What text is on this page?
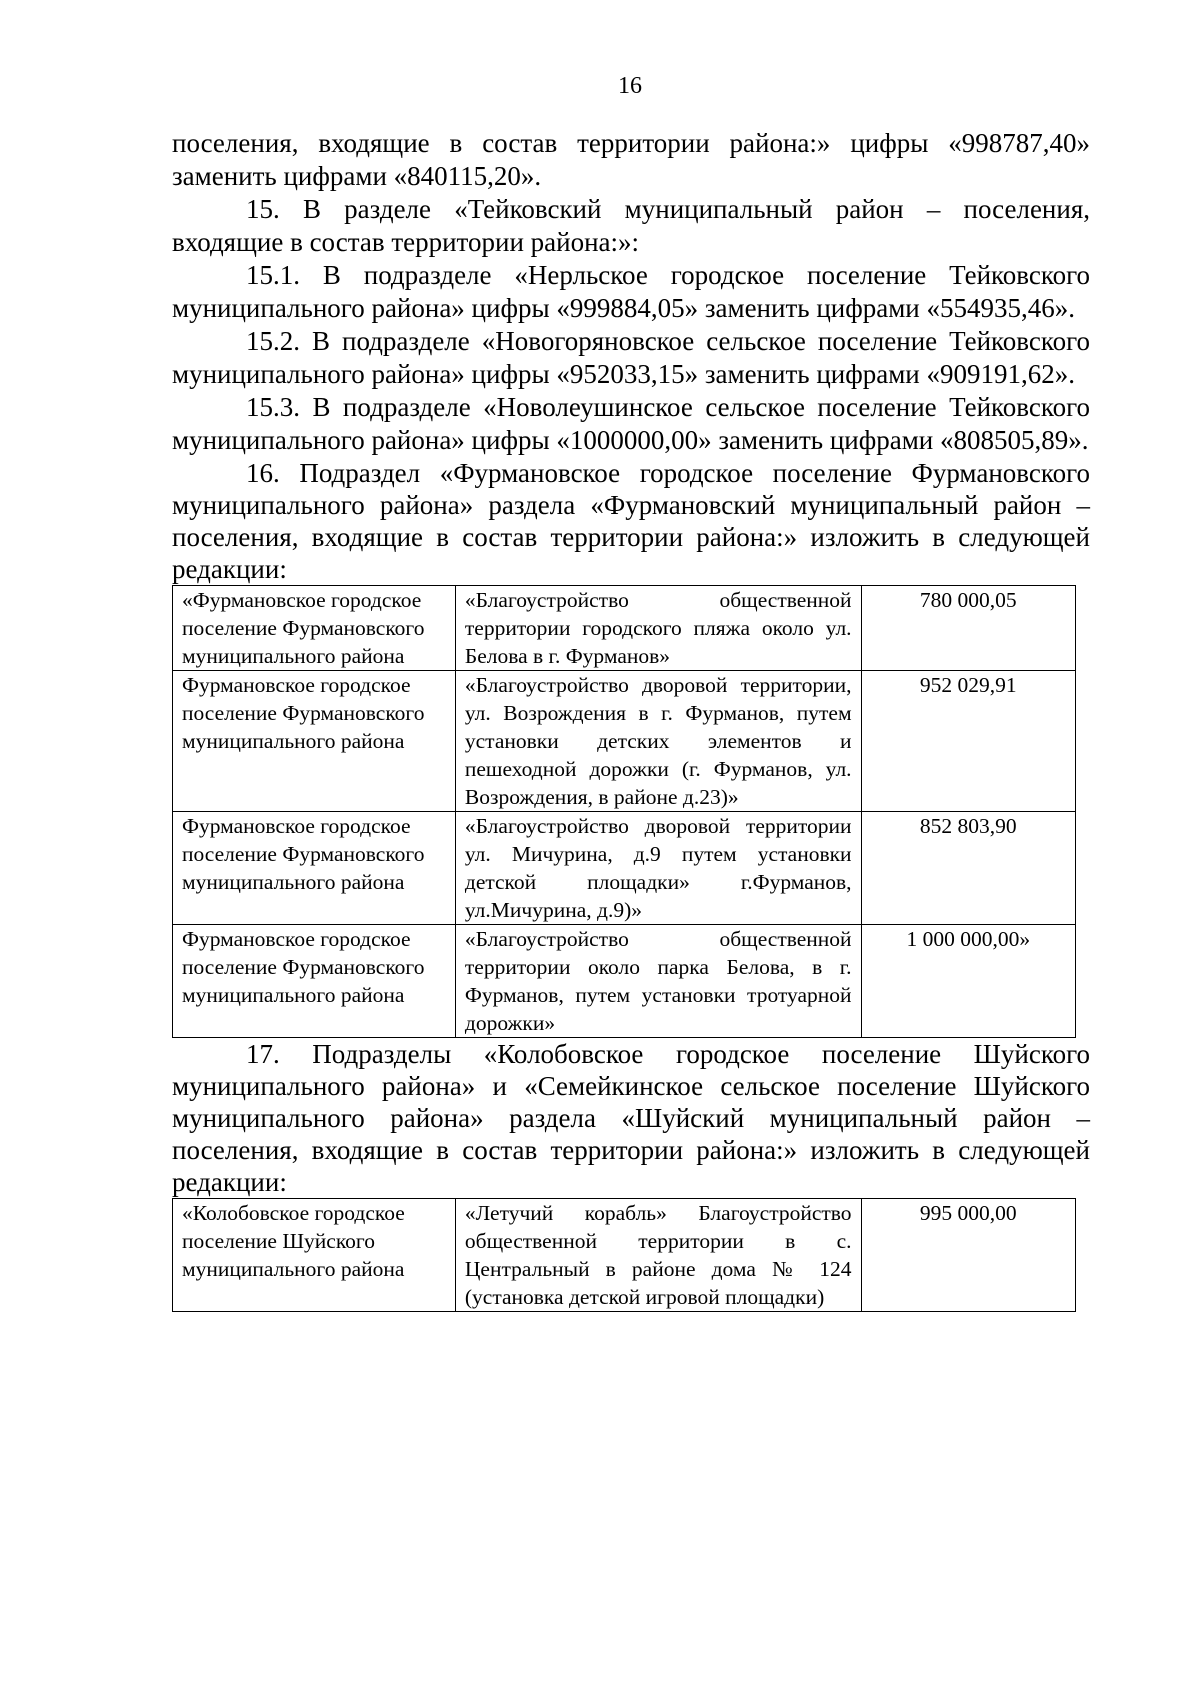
16

поселения, входящие в состав территории района:» цифры «998787,40» заменить цифрами «840115,20».

15. В разделе «Тейковский муниципальный район – поселения, входящие в состав территории района:»:

15.1. В подразделе «Нерльское городское поселение Тейковского муниципального района» цифры «999884,05» заменить цифрами «554935,46».

15.2. В подразделе «Новогоряновское сельское поселение Тейковского муниципального района» цифры «952033,15» заменить цифрами «909191,62».

15.3. В подразделе «Новолеушинское сельское поселение Тейковского муниципального района» цифры «1000000,00» заменить цифрами «808505,89».

16. Подраздел «Фурмановское городское поселение Фурмановского муниципального района» раздела «Фурмановский муниципальный район – поселения, входящие в состав территории района:» изложить в следующей редакции:

«Фурмановское городское поселение Фурмановского муниципального района	«Благоустройство общественной территории городского пляжа около ул. Белова в г. Фурманов»	780 000,05
Фурмановское городское поселение Фурмановского муниципального района	«Благоустройство дворовой территории, ул. Возрождения в г. Фурманов, путем установки детских элементов и пешеходной дорожки (г. Фурманов, ул. Возрождения, в районе д.23)»	952 029,91
Фурмановское городское поселение Фурмановского муниципального района	«Благоустройство дворовой территории ул. Мичурина, д.9 путем установки детской площадки» г.Фурманов, ул.Мичурина, д.9)»	852 803,90
Фурмановское городское поселение Фурмановского муниципального района	«Благоустройство общественной территории около парка Белова, в г. Фурманов, путем установки тротуарной дорожки»	1 000 000,00»

17. Подразделы «Колобовское городское поселение Шуйского муниципального района» и «Семейкинское сельское поселение Шуйского муниципального района» раздела «Шуйский муниципальный район – поселения, входящие в состав территории района:» изложить в следующей редакции:

«Колобовское городское поселение Шуйского муниципального района	«Летучий корабль» Благоустройство общественной территории в с. Центральный в районе дома № 124 (установка детской игровой площадки)	995 000,00
